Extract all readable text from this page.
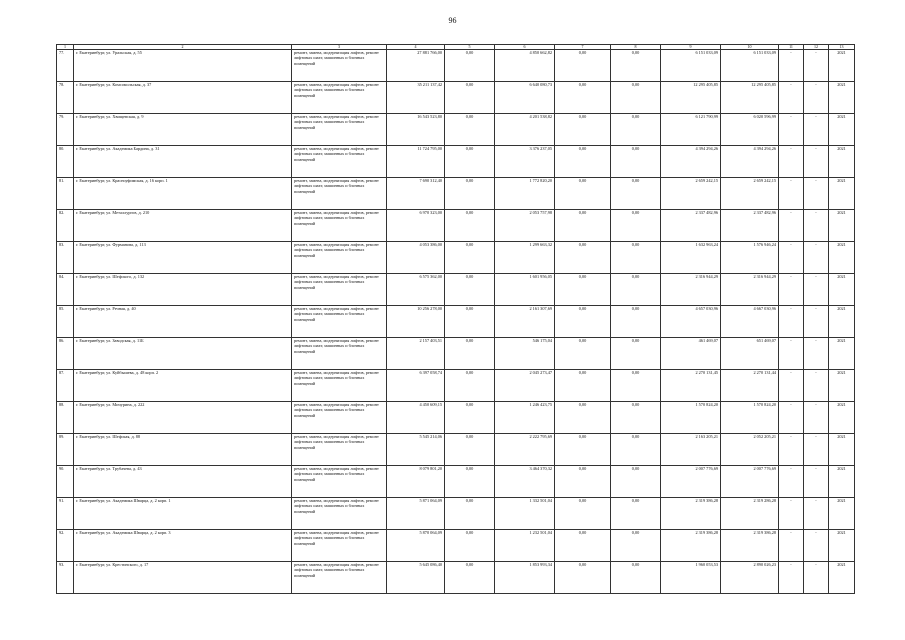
96
1	2	3	4	5	6	7	8	9	10	11	12	13
77.	г. Екатеринбург, ул. Уральская, д. 55	ремонт, замена, модернизация лифтов, ремонт лифтовых шахт, машинных и блочных помещений	27 881 766,00	0,00	4 850 662,82	0,00	0,00	6 151 033,09	6 151 033,09	-	-	2021
78.	г. Екатеринбург, ул. Комсомольская, д. 37	ремонт, замена, модернизация лифтов, ремонт лифтовых шахт, машинных и блочных помещений	35 211 137,42	0,00	6 640 080,73	0,00	0,00	12 295 405,85	12 295 405,85	-	-	2021
79.	г. Екатеринбург, ул. Хвищевская, д. 9	ремонт, замена, модернизация лифтов, ремонт лифтовых шахт, машинных и блочных помещений	16 543 523,80	0,00	4 201 538,82	0,00	0,00	6 121 790,99	6 020 596,99	-	-	2021
80.	г. Екатеринбург, ул. Академика Бардина, д. 31	ремонт, замена, модернизация лифтов, ремонт лифтовых шахт, машинных и блочных помещений	11 724 795,00	0,00	3 376 237,05	0,00	0,00	4 394 294,26	4 394 294,26	-	-	2021
81.	г. Екатеринбург, ул. Красноуфимская, д. 16 корп. 1	ремонт, замена, модернизация лифтов, ремонт лифтовых шахт, машинных и блочных помещений	7 690 312,40	0,00	1 772 820,20	0,00	0,00	2 659 242,15	2 659 242,15	-	-	2021
82.	г. Екатеринбург, ул. Металлургов, д. 210	ремонт, замена, модернизация лифтов, ремонт лифтовых шахт, машинных и блочных помещений	6 970 323,00	0,00	2 053 757,98	0,00	0,00	2 337 482,96	2 337 482,96	-	-	2021
83.	г. Екатеринбург, ул. Фурманова, д. 113	ремонт, замена, модернизация лифтов, ремонт лифтовых шахт, машинных и блочных помещений	4 053 386,00	0,00	1 299 663,32	0,00	0,00	1 632 963,24	1 576 946,24	-	-	2021
84.	г. Екатеринбург, ул. Шефского, д. 132	ремонт, замена, модернизация лифтов, ремонт лифтовых шахт, машинных и блочных помещений	6 575 362,00	0,00	1 601 956,05	0,00	0,00	2 316 944,29	2 316 944,29	-	-	2021
85.	г. Екатеринбург, ул. Речная, д. 40	ремонт, замена, модернизация лифтов, ремонт лифтовых шахт, машинных и блочных помещений	10 256 278,00	0,00	2 161 307,69	0,00	0,00	4 657 030,96	4 667 030,96	-	-	2021
86.	г. Екатеринбург, ул. Заводская, д. 11Б	ремонт, замена, модернизация лифтов, ремонт лифтовых шахт, машинных и блочных помещений	2 157 403,51	0,00	546 175,04	0,00	0,00	461 469,07	651 469,07	-	-	2021
87.	г. Екатеринбург, ул. Куйбышева, д. 48 корп. 2	ремонт, замена, модернизация лифтов, ремонт лифтовых шахт, машинных и блочных помещений	6 397 058,74	0,00	2 045 273,47	0,00	0,00	2 270 131,45	2 270 131,44	-	-	2021
88.	г. Екатеринбург, ул. Мичурина, д. 222	ремонт, замена, модернизация лифтов, ремонт лифтовых шахт, машинных и блочных помещений	4 450 609,15	0,00	1 246 423,75	0,00	0,00	1 570 824,20	1 570 824,20	-	-	2021
89.	г. Екатеринбург, ул. Шефская, д. 88	ремонт, замена, модернизация лифтов, ремонт лифтовых шахт, машинных и блочных помещений	5 545 214,06	0,00	2 222 795,69	0,00	0,00	2 163 205,21	2 052 205,21	-	-	2021
90.	г. Екатеринбург, ул. Трубачева, д. 43	ремонт, замена, модернизация лифтов, ремонт лифтовых шахт, машинных и блочных помещений	8 079 801,20	0,00	3 464 370,32	0,00	0,00	2 007 776,69	2 007 776,69	-	-	2021
91.	г. Екатеринбург, ул. Академика Шварца, д. 2 корп. 1	ремонт, замена, модернизация лифтов, ремонт лифтовых шахт, машинных и блочных помещений	5 871 064,09	0,00	1 332 501,04	0,00	0,00	2 319 386,28	2 319 286,28	-	-	2021
92.	г. Екатеринбург, ул. Академика Шварца, д. 2 корп. 3	ремонт, замена, модернизация лифтов, ремонт лифтовых шахт, машинных и блочных помещений	5 870 064,09	0,00	1 232 501,04	0,00	0,00	2 319 386,28	2 319 386,28	-	-	2021
93.	г. Екатеринбург, ул. Крестинского, д. 17	ремонт, замена, модернизация лифтов, ремонт лифтовых шахт, машинных и блочных помещений	5 645 086,40	0,00	1 853 993,34	0,00	0,00	1 960 053,53	2 890 026,23	-	-	2021
